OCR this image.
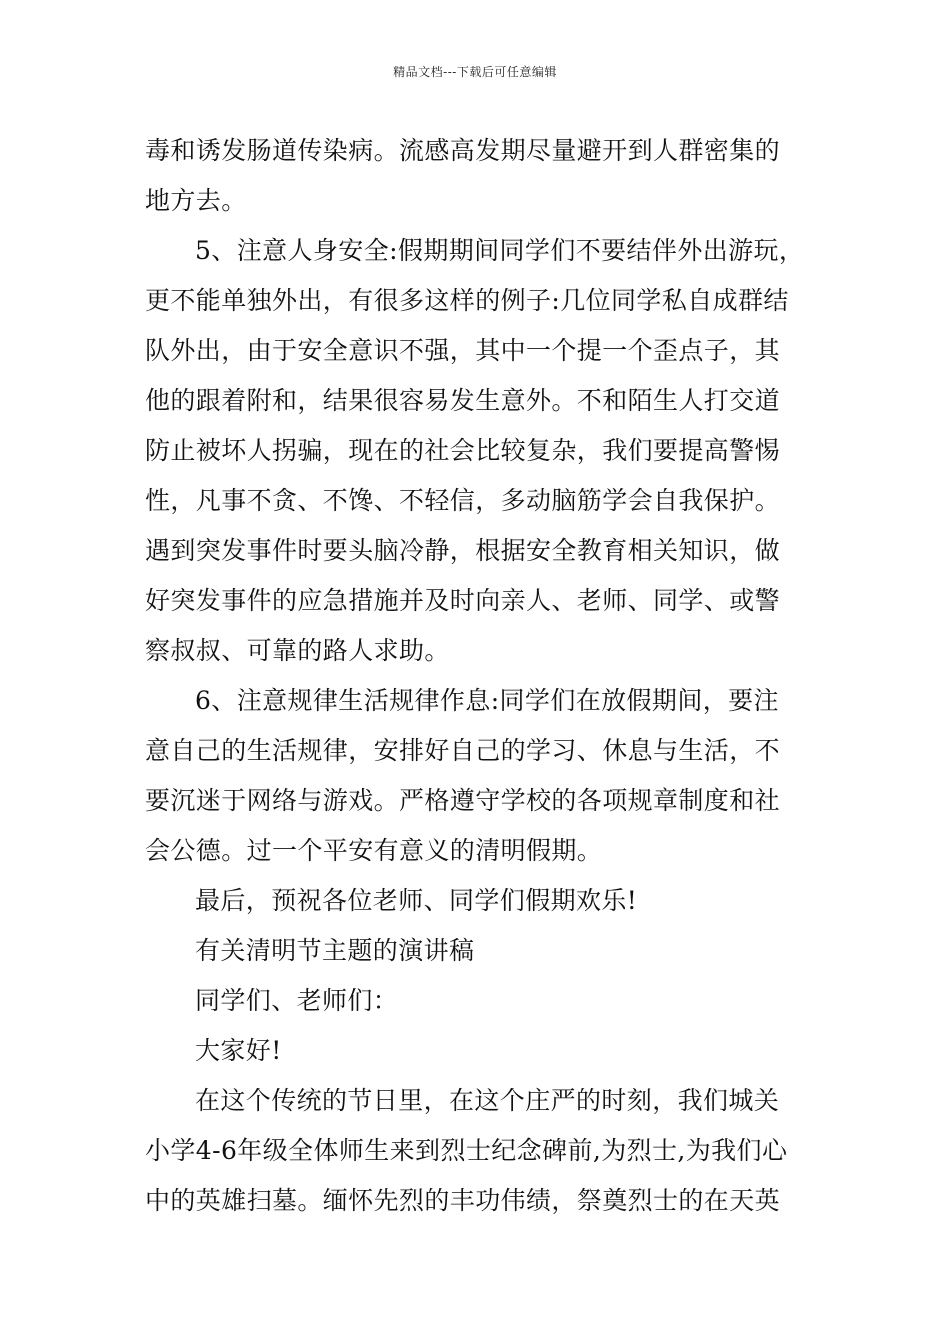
精品文档---下载后可任意编辑
毒和诱发肠道传染病。流感高发期尽量避开到人群密集的
地方去。
5、注意人身安全:假期期间同学们不要结伴外出游玩，
更不能单独外出，有很多这样的例子:几位同学私自成群结
队外出，由于安全意识不强，其中一个提一个歪点子，其
他的跟着附和，结果很容易发生意外。不和陌生人打交道
防止被坏人拐骗，现在的社会比较复杂，我们要提高警惕
性，凡事不贪、不馋、不轻信，多动脑筋学会自我保护。
遇到突发事件时要头脑冷静，根据安全教育相关知识，做
好突发事件的应急措施并及时向亲人、老师、同学、或警
察叔叔、可靠的路人求助。
6、注意规律生活规律作息:同学们在放假期间，要注
意自己的生活规律，安排好自己的学习、休息与生活，不
要沉迷于网络与游戏。严格遵守学校的各项规章制度和社
会公德。过一个平安有意义的清明假期。
最后，预祝各位老师、同学们假期欢乐!
有关清明节主题的演讲稿
同学们、老师们：
大家好!
在这个传统的节日里，在这个庄严的时刻，我们城关
小学4-6年级全体师生来到烈士纪念碑前,为烈士,为我们心
中的英雄扫墓。缅怀先烈的丰功伟绩，祭奠烈士的在天英
